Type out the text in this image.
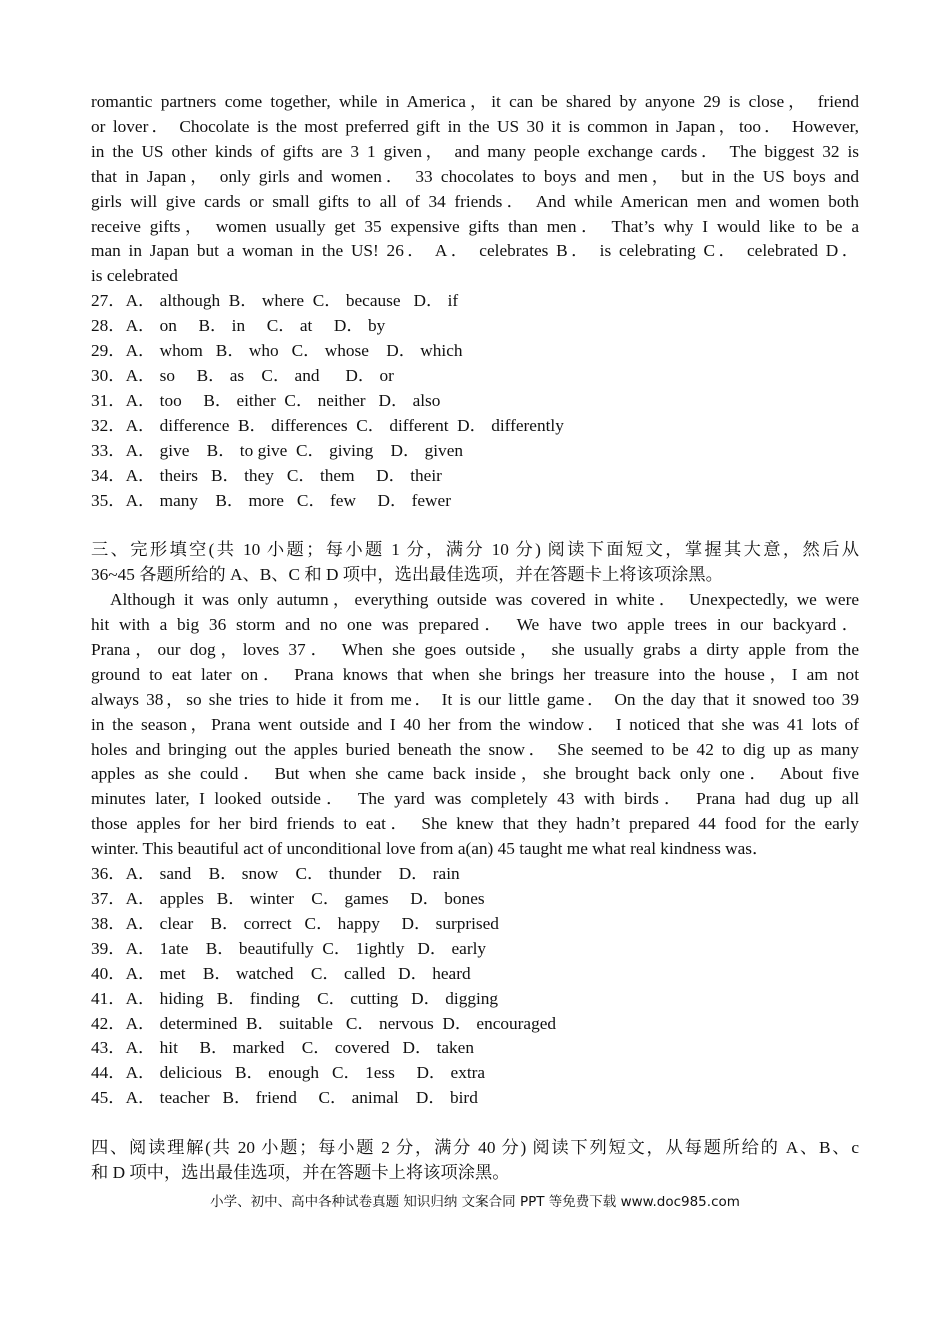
romantic partners come together, while in America，it can be shared by anyone 29 is close， friend

or lover． Chocolate is the most preferred gift in the US 30 it is common in Japan，too． However,

in the US other kinds of gifts are 3 1 given， and many people exchange cards． The biggest 32 is

that in Japan， only girls and women． 33 chocolates to boys and men， but in the US boys and

girls will give cards or small gifts to all of 34 friends． And while American men and women both

receive gifts， women usually get 35 expensive gifts than men． That’s why I would like to be a

man in Japan but a woman in the US! 26． A． celebrates B． is celebrating C． celebrated D．

is celebrated

27．A． although  B． where  C． because   D． if

28．A． on     B． in     C． at     D． by

29．A． whom   B． who   C． whose    D． which

30．A． so     B． as    C． and      D． or

31．A． too     B． either  C． neither   D． also

32．A． difference  B． differences  C． different  D． differently

33．A． give    B． to give  C． giving    D． given

34．A． theirs   B． they   C． them     D． their

35．A． many    B． more   C． few     D． fewer

三、完形填空(共 10 小题；每小题 1 分，满分 10 分) 阅读下面短文，掌握其大意，然后从

36~45 各题所给的 A、B、C 和 D 项中，选出最佳选项，并在答题卡上将该项涂黑。

Although it was only autumn，everything outside was covered in white． Unexpectedly, we were

hit with a big 36 storm and no one was prepared． We have two apple trees in our backyard．

Prana，our dog，loves 37． When she goes outside， she usually grabs a dirty apple from the

ground to eat later on． Prana knows that when she brings her treasure into the house，I am not

always 38，so she tries to hide it from me． It is our little game． On the day that it snowed too 39

in the season，Prana went outside and I 40 her from the window． I noticed that she was 41 lots of

holes and bringing out the apples buried beneath the snow． She seemed to be 42 to dig up as many

apples as she could． But when she came back inside，she brought back only one． About five

minutes later, I looked outside． The yard was completely 43 with birds． Prana had dug up all

those apples for her bird friends to eat． She knew that they hadn’t prepared 44 food for the early

winter. This beautiful act of unconditional love from a(an) 45 taught me what real kindness was．

36．A． sand    B． snow    C． thunder    D． rain

37．A． apples   B． winter    C． games     D． bones

38．A． clear    B． correct   C． happy     D． surprised

39．A． 1ate    B． beautifully  C． 1ightly   D． early

40．A． met    B． watched    C． called   D． heard

41．A． hiding   B． finding    C． cutting   D． digging

42．A． determined  B． suitable   C． nervous  D． encouraged

43．A． hit     B． marked    C． covered   D． taken

44．A． delicious   B． enough   C． 1ess     D． extra

45．A． teacher   B． friend     C． animal    D． bird

四、阅读理解(共 20 小题；每小题 2 分，满分 40 分) 阅读下列短文，从每题所给的 A、B、c

和 D 项中，选出最佳选项，并在答题卡上将该项涂黑。

小学、初中、高中各种试卷真题 知识归纳 文案合同 PPT 等免费下载 www.doc985.com
